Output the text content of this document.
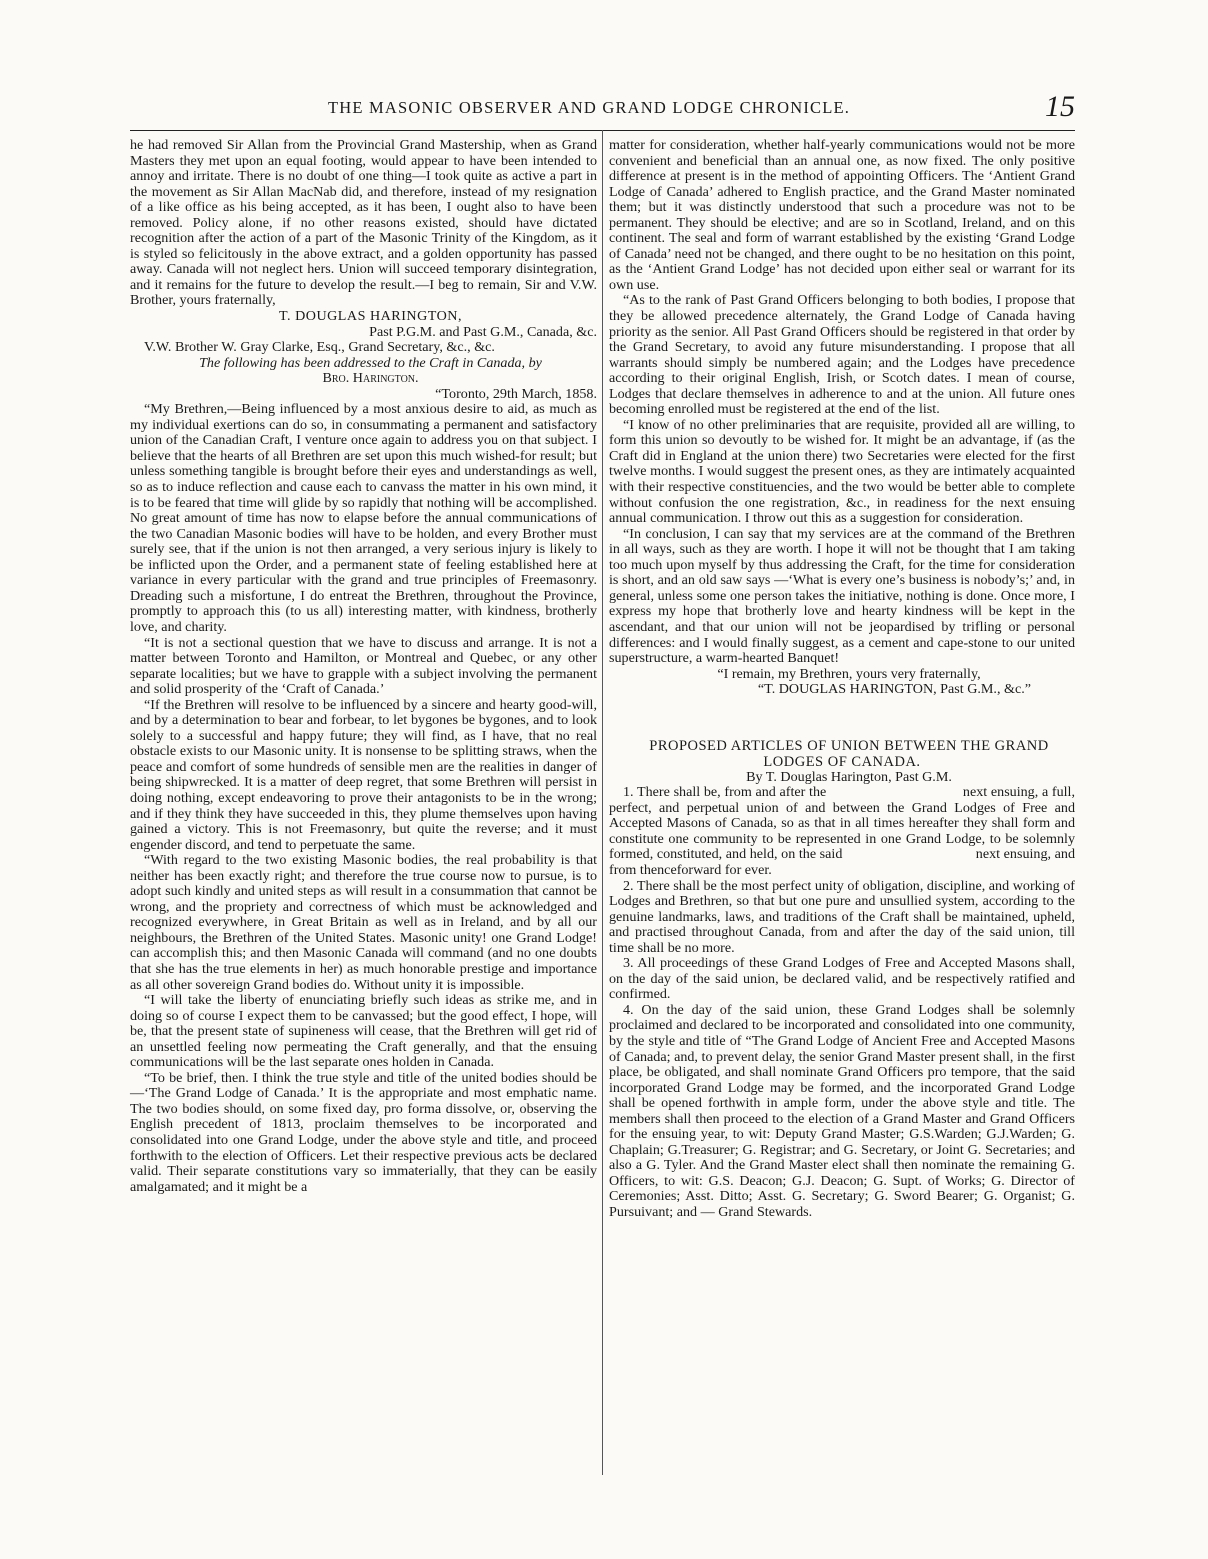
THE MASONIC OBSERVER AND GRAND LODGE CHRONICLE.	15

he had removed Sir Allan from the Provincial Grand Mastership, when as Grand Masters they met upon an equal footing, would appear to have been intended to annoy and irritate. There is no doubt of one thing—I took quite as active a part in the movement as Sir Allan MacNab did, and therefore, instead of my resignation of a like office as his being accepted, as it has been, I ought also to have been removed. Policy alone, if no other reasons existed, should have dictated recognition after the action of a part of the Masonic Trinity of the Kingdom, as it is styled so felicitously in the above extract, and a golden opportunity has passed away. Canada will not neglect hers. Union will succeed temporary disintegration, and it remains for the future to develop the result.—I beg to remain, Sir and V.W. Brother, yours fraternally,

T. DOUGLAS HARINGTON,

Past P.G.M. and Past G.M., Canada, &c.

V.W. Brother W. Gray Clarke, Esq., Grand Secretary, &c., &c.

The following has been addressed to the Craft in Canada, by
Bro. Harington.

“Toronto, 29th March, 1858.

“My Brethren,—Being influenced by a most anxious desire to aid, as much as my individual exertions can do so, in consummating a permanent and satisfactory union of the Canadian Craft, I venture once again to address you on that subject. I believe that the hearts of all Brethren are set upon this much wished-for result; but unless something tangible is brought before their eyes and understandings as well, so as to induce reflection and cause each to canvass the matter in his own mind, it is to be feared that time will glide by so rapidly that nothing will be accomplished. No great amount of time has now to elapse before the annual communications of the two Canadian Masonic bodies will have to be holden, and every Brother must surely see, that if the union is not then arranged, a very serious injury is likely to be inflicted upon the Order, and a permanent state of feeling established here at variance in every particular with the grand and true principles of Freemasonry. Dreading such a misfortune, I do entreat the Brethren, throughout the Province, promptly to approach this (to us all) interesting matter, with kindness, brotherly love, and charity.

“It is not a sectional question that we have to discuss and arrange. It is not a matter between Toronto and Hamilton, or Montreal and Quebec, or any other separate localities; but we have to grapple with a subject involving the permanent and solid prosperity of the ‘Craft of Canada.’

“If the Brethren will resolve to be influenced by a sincere and hearty good-will, and by a determination to bear and forbear, to let bygones be bygones, and to look solely to a successful and happy future; they will find, as I have, that no real obstacle exists to our Masonic unity. It is nonsense to be splitting straws, when the peace and comfort of some hundreds of sensible men are the realities in danger of being shipwrecked. It is a matter of deep regret, that some Brethren will persist in doing nothing, except endeavoring to prove their antagonists to be in the wrong; and if they think they have succeeded in this, they plume themselves upon having gained a victory. This is not Freemasonry, but quite the reverse; and it must engender discord, and tend to perpetuate the same.

“With regard to the two existing Masonic bodies, the real probability is that neither has been exactly right; and therefore the true course now to pursue, is to adopt such kindly and united steps as will result in a consummation that cannot be wrong, and the propriety and correctness of which must be acknowledged and recognized everywhere, in Great Britain as well as in Ireland, and by all our neighbours, the Brethren of the United States. Masonic unity! one Grand Lodge! can accomplish this; and then Masonic Canada will command (and no one doubts that she has the true elements in her) as much honorable prestige and importance as all other sovereign Grand bodies do. Without unity it is impossible.

“I will take the liberty of enunciating briefly such ideas as strike me, and in doing so of course I expect them to be canvassed; but the good effect, I hope, will be, that the present state of supineness will cease, that the Brethren will get rid of an unsettled feeling now permeating the Craft generally, and that the ensuing communications will be the last separate ones holden in Canada.

“To be brief, then. I think the true style and title of the united bodies should be—‘The Grand Lodge of Canada.’ It is the appropriate and most emphatic name. The two bodies should, on some fixed day, pro forma dissolve, or, observing the English precedent of 1813, proclaim themselves to be incorporated and consolidated into one Grand Lodge, under the above style and title, and proceed forthwith to the election of Officers. Let their respective previous acts be declared valid. Their separate constitutions vary so immaterially, that they can be easily amalgamated; and it might be a

matter for consideration, whether half-yearly communications would not be more convenient and beneficial than an annual one, as now fixed. The only positive difference at present is in the method of appointing Officers. The ‘Antient Grand Lodge of Canada’ adhered to English practice, and the Grand Master nominated them; but it was distinctly understood that such a procedure was not to be permanent. They should be elective; and are so in Scotland, Ireland, and on this continent. The seal and form of warrant established by the existing ‘Grand Lodge of Canada’ need not be changed, and there ought to be no hesitation on this point, as the ‘Antient Grand Lodge’ has not decided upon either seal or warrant for its own use.

“As to the rank of Past Grand Officers belonging to both bodies, I propose that they be allowed precedence alternately, the Grand Lodge of Canada having priority as the senior. All Past Grand Officers should be registered in that order by the Grand Secretary, to avoid any future misunderstanding. I propose that all warrants should simply be numbered again; and the Lodges have precedence according to their original English, Irish, or Scotch dates. I mean of course, Lodges that declare themselves in adherence to and at the union. All future ones becoming enrolled must be registered at the end of the list.

“I know of no other preliminaries that are requisite, provided all are willing, to form this union so devoutly to be wished for. It might be an advantage, if (as the Craft did in England at the union there) two Secretaries were elected for the first twelve months. I would suggest the present ones, as they are intimately acquainted with their respective constituencies, and the two would be better able to complete without confusion the one registration, &c., in readiness for the next ensuing annual communication. I throw out this as a suggestion for consideration.

“In conclusion, I can say that my services are at the command of the Brethren in all ways, such as they are worth. I hope it will not be thought that I am taking too much upon myself by thus addressing the Craft, for the time for consideration is short, and an old saw says —‘What is every one’s business is nobody’s;’ and, in general, unless some one person takes the initiative, nothing is done. Once more, I express my hope that brotherly love and hearty kindness will be kept in the ascendant, and that our union will not be jeopardised by trifling or personal differences: and I would finally suggest, as a cement and cape-stone to our united superstructure, a warm-hearted Banquet!

“I remain, my Brethren, yours very fraternally,

“T. DOUGLAS HARINGTON, Past G.M., &c.”

PROPOSED ARTICLES OF UNION BETWEEN THE GRAND LODGES OF CANADA.

By T. Douglas Harington, Past G.M.

1. There shall be, from and after the                                     next ensuing, a full, perfect, and perpetual union of and between the Grand Lodges of Free and Accepted Masons of Canada, so as that in all times hereafter they shall form and constitute one community to be represented in one Grand Lodge, to be solemnly formed, constituted, and held, on the said                                     next ensuing, and from thenceforward for ever.

2. There shall be the most perfect unity of obligation, discipline, and working of Lodges and Brethren, so that but one pure and unsullied system, according to the genuine landmarks, laws, and traditions of the Craft shall be maintained, upheld, and practised throughout Canada, from and after the day of the said union, till time shall be no more.

3. All proceedings of these Grand Lodges of Free and Accepted Masons shall, on the day of the said union, be declared valid, and be respectively ratified and confirmed.

4. On the day of the said union, these Grand Lodges shall be solemnly proclaimed and declared to be incorporated and consolidated into one community, by the style and title of “The Grand Lodge of Ancient Free and Accepted Masons of Canada; and, to prevent delay, the senior Grand Master present shall, in the first place, be obligated, and shall nominate Grand Officers pro tempore, that the said incorporated Grand Lodge may be formed, and the incorporated Grand Lodge shall be opened forthwith in ample form, under the above style and title. The members shall then proceed to the election of a Grand Master and Grand Officers for the ensuing year, to wit: Deputy Grand Master; G.S.Warden; G.J.Warden; G. Chaplain; G.Treasurer; G. Registrar; and G. Secretary, or Joint G. Secretaries; and also a G. Tyler. And the Grand Master elect shall then nominate the remaining G. Officers, to wit: G.S. Deacon; G.J. Deacon; G. Supt. of Works; G. Director of Ceremonies; Asst. Ditto; Asst. G. Secretary; G. Sword Bearer; G. Organist; G. Pursuivant; and — Grand Stewards.
